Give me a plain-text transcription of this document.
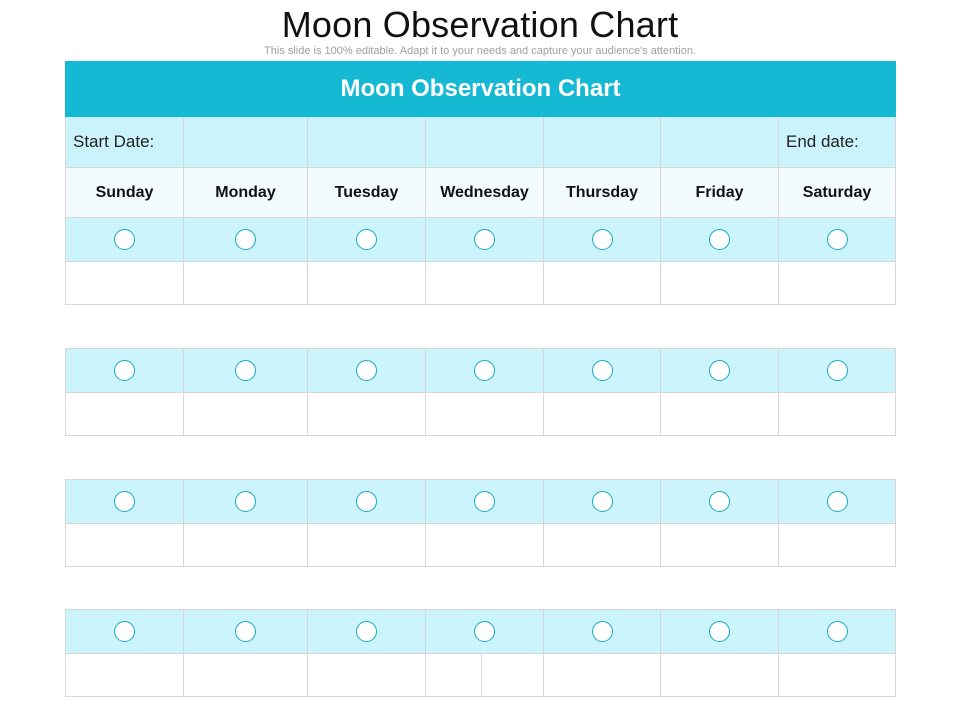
Moon Observation Chart
This slide is 100% editable. Adapt it to your needs and capture your audience's attention.
Moon Observation Chart						
Start Date:						End date:
Sunday	Monday	Tuesday	Wednesday	Thursday	Friday	Saturday
